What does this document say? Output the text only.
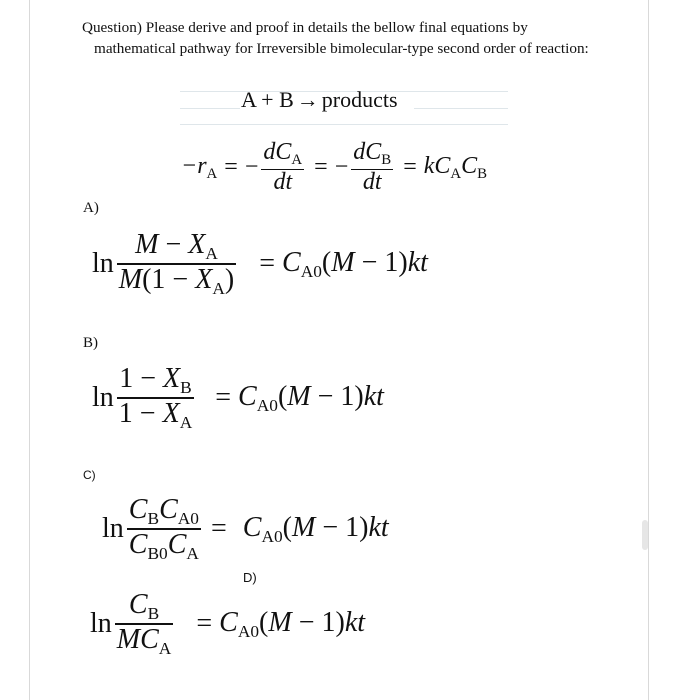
Question) Please derive and proof in details the bellow final equations by
mathematical pathway for Irreversible bimolecular-type second order of reaction:
A + B → products
$-r_A$ = − $\frac{dC_A}{dt}$ = − $\frac{dC_B}{dt} = kC_AC_B$
A)
$\ln \frac{M - X_A}{M(1 - X_A)} = C_{A0}(M - 1)kt$
B)
$\ln \frac{1 - X_B}{1 - X_A} = C_{A0}(M - 1)kt$
C)
$\ln \frac{C_BC_{A0}}{C_{B0}C_A} = C_{A0}(M - 1)kt$
D)
$\ln \frac{C_B}{MC_A} = C_{A0}(M - 1)kt$
